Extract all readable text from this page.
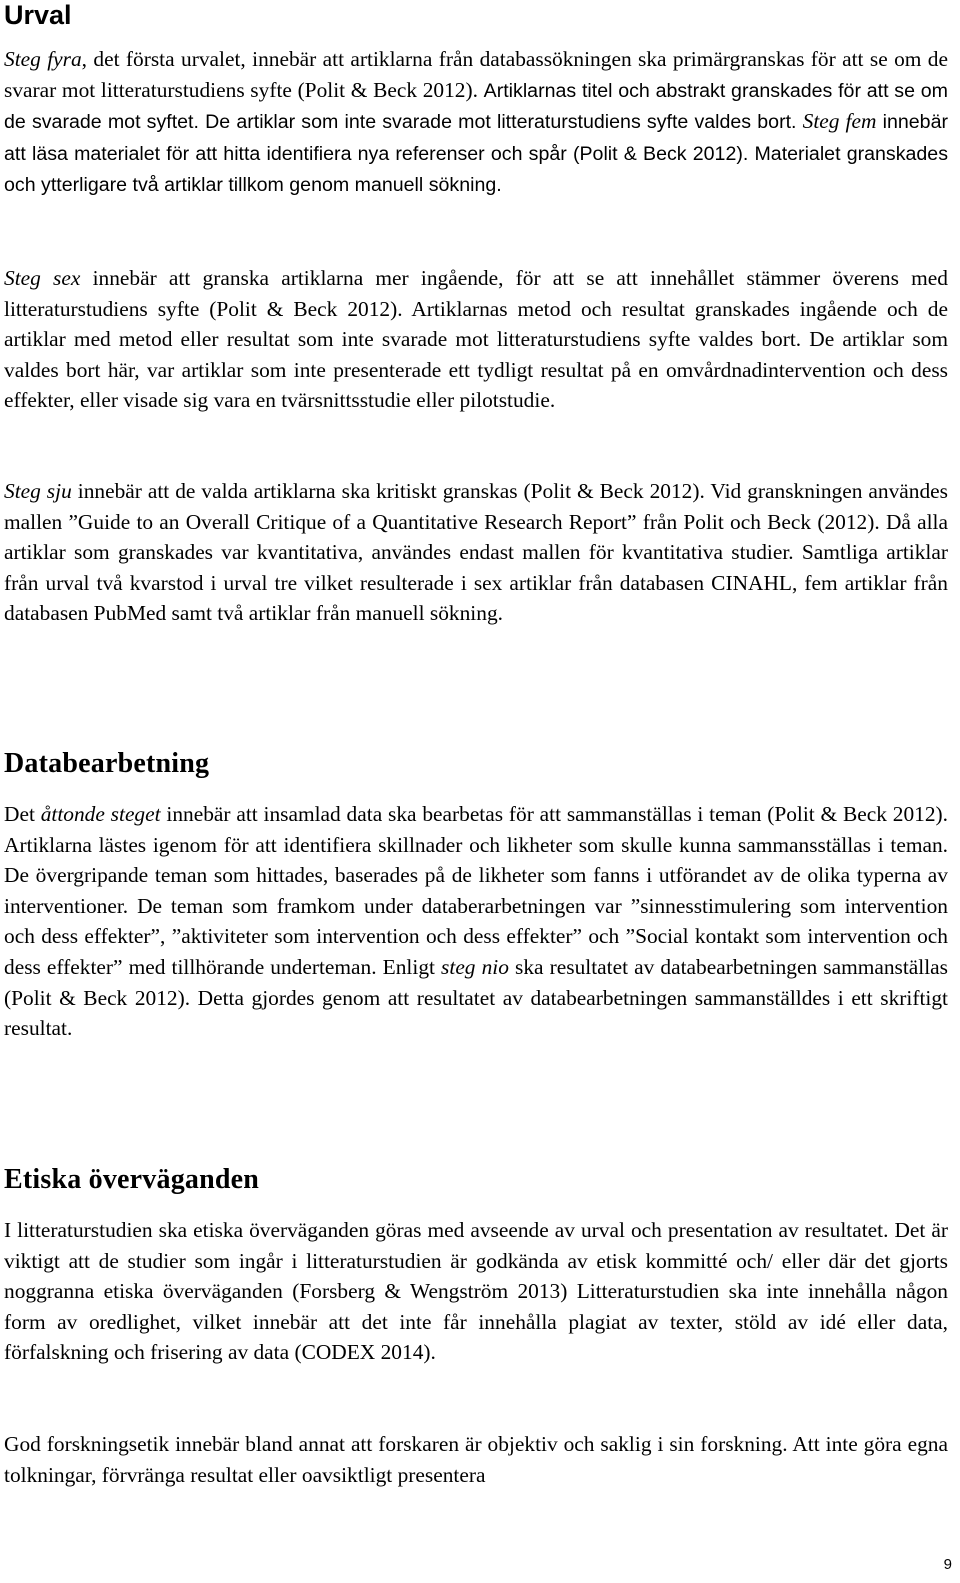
Urval

Steg fyra, det första urvalet, innebär att artiklarna från databassökningen ska primärgranskas för att se om de svarar mot litteraturstudiens syfte (Polit & Beck 2012). Artiklarnas titel och abstrakt granskades för att se om de svarade mot syftet. De artiklar som inte svarade mot litteraturstudiens syfte valdes bort. Steg fem innebär att läsa materialet för att hitta identifiera nya referenser och spår (Polit & Beck 2012). Materialet granskades och ytterligare två artiklar tillkom genom manuell sökning.

Steg sex innebär att granska artiklarna mer ingående, för att se att innehållet stämmer överens med litteraturstudiens syfte (Polit & Beck 2012). Artiklarnas metod och resultat granskades ingående och de artiklar med metod eller resultat som inte svarade mot litteraturstudiens syfte valdes bort. De artiklar som valdes bort här, var artiklar som inte presenterade ett tydligt resultat på en omvårdnadintervention och dess effekter, eller visade sig vara en tvärsnittsstudie eller pilotstudie.

Steg sju innebär att de valda artiklarna ska kritiskt granskas (Polit & Beck 2012). Vid granskningen användes mallen ”Guide to an Overall Critique of a Quantitative Research Report” från Polit och Beck (2012). Då alla artiklar som granskades var kvantitativa, användes endast mallen för kvantitativa studier. Samtliga artiklar från urval två kvarstod i urval tre vilket resulterade i sex artiklar från databasen CINAHL, fem artiklar från databasen PubMed samt två artiklar från manuell sökning.

Databearbetning

Det åttonde steget innebär att insamlad data ska bearbetas för att sammanställas i teman (Polit & Beck 2012). Artiklarna lästes igenom för att identifiera skillnader och likheter som skulle kunna sammansställas i teman. De övergripande teman som hittades, baserades på de likheter som fanns i utförandet av de olika typerna av interventioner. De teman som framkom under databerarbetningen var ”sinnesstimulering som intervention och dess effekter”, ”aktiviteter som intervention och dess effekter” och ”Social kontakt som intervention och dess effekter” med tillhörande underteman. Enligt steg nio ska resultatet av databearbetningen sammanställas (Polit & Beck 2012). Detta gjordes genom att resultatet av databearbetningen sammanställdes i ett skriftigt resultat.

Etiska överväganden

I litteraturstudien ska etiska överväganden göras med avseende av urval och presentation av resultatet. Det är viktigt att de studier som ingår i litteraturstudien är godkända av etisk kommitté och/ eller där det gjorts noggranna etiska överväganden (Forsberg & Wengström 2013) Litteraturstudien ska inte innehålla någon form av oredlighet, vilket innebär att det inte får innehålla plagiat av texter, stöld av idé eller data, förfalskning och frisering av data (CODEX 2014).

God forskningsetik innebär bland annat att forskaren är objektiv och saklig i sin forskning. Att inte göra egna tolkningar, förvränga resultat eller oavsiktligt presentera

9
